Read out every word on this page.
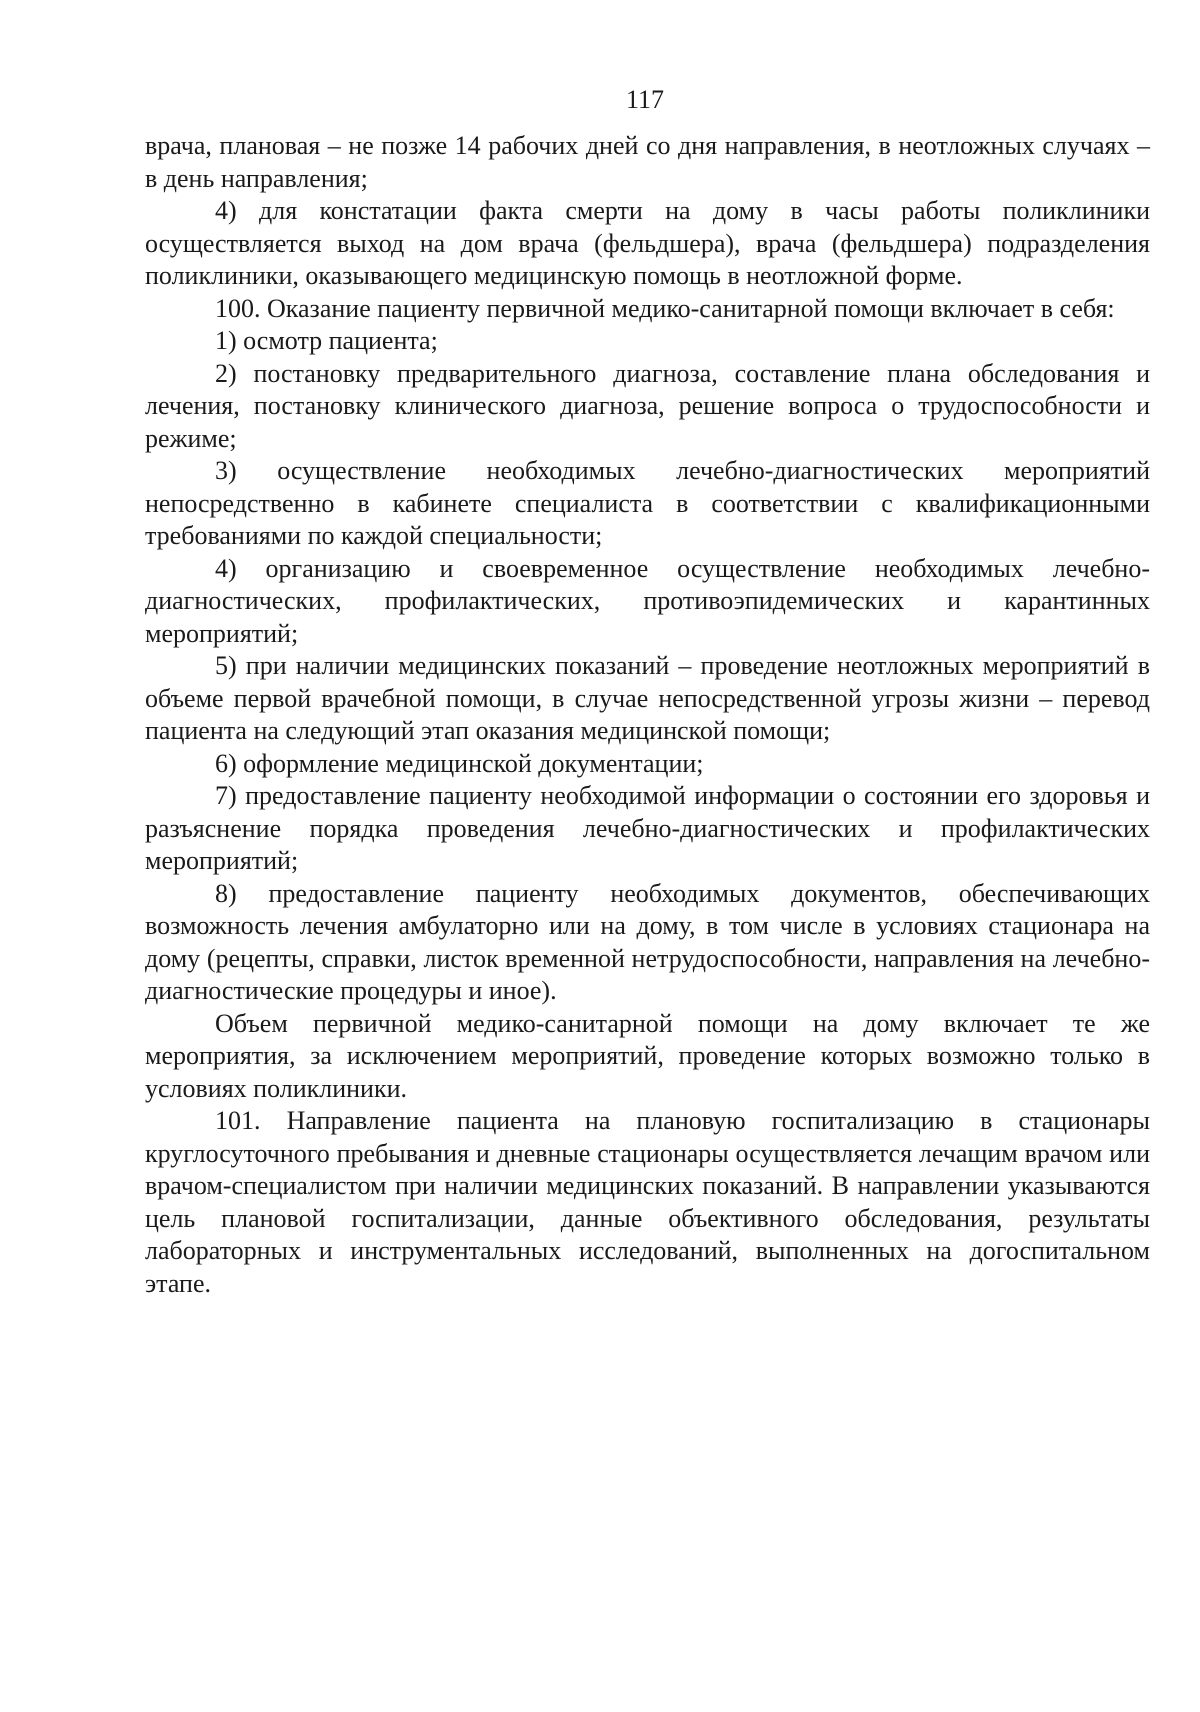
117

врача, плановая – не позже 14 рабочих дней со дня направления, в неотложных случаях – в день направления;

4) для констатации факта смерти на дому в часы работы поликлиники осуществляется выход на дом врача (фельдшера), врача (фельдшера) подразделения поликлиники, оказывающего медицинскую помощь в неотложной форме.

100. Оказание пациенту первичной медико-санитарной помощи включает в себя:

1) осмотр пациента;

2) постановку предварительного диагноза, составление плана обследования и лечения, постановку клинического диагноза, решение вопроса о трудоспособности и режиме;

3) осуществление необходимых лечебно-диагностических мероприятий непосредственно в кабинете специалиста в соответствии с квалификационными требованиями по каждой специальности;

4) организацию и своевременное осуществление необходимых лечебно-диагностических, профилактических, противоэпидемических и карантинных мероприятий;

5) при наличии медицинских показаний – проведение неотложных мероприятий в объеме первой врачебной помощи, в случае непосредственной угрозы жизни – перевод пациента на следующий этап оказания медицинской помощи;

6) оформление медицинской документации;

7) предоставление пациенту необходимой информации о состоянии его здоровья и разъяснение порядка проведения лечебно-диагностических и профилактических мероприятий;

8) предоставление пациенту необходимых документов, обеспечивающих возможность лечения амбулаторно или на дому, в том числе в условиях стационара на дому (рецепты, справки, листок временной нетрудоспособности, направления на лечебно-диагностические процедуры и иное).

Объем первичной медико-санитарной помощи на дому включает те же мероприятия, за исключением мероприятий, проведение которых возможно только в условиях поликлиники.

101. Направление пациента на плановую госпитализацию в стационары круглосуточного пребывания и дневные стационары осуществляется лечащим врачом или врачом-специалистом при наличии медицинских показаний. В направлении указываются цель плановой госпитализации, данные объективного обследования, результаты лабораторных и инструментальных исследований, выполненных на догоспитальном этапе.
